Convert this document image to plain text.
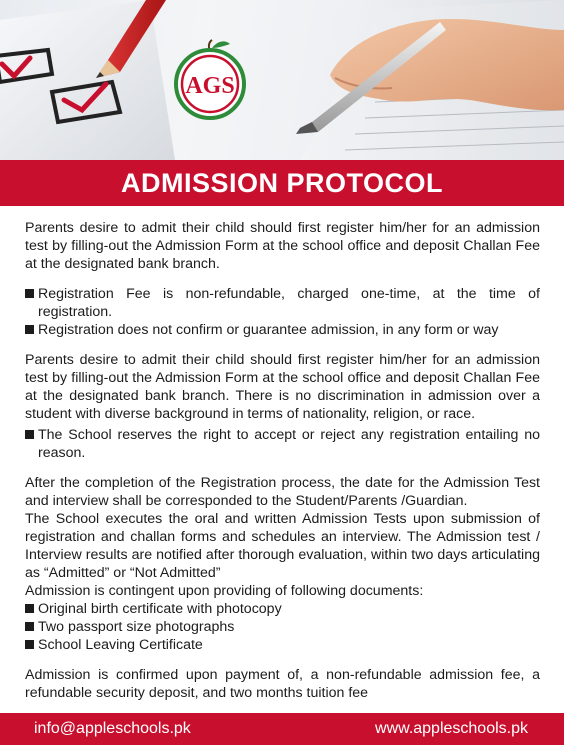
AGS
ADMISSION PROTOCOL

Parents desire to admit their child should first register him/her for an admission test by filling-out the Admission Form at the school office and deposit Challan Fee at the designated bank branch.

Registration Fee is non-refundable, charged one-time, at the time of registration.
Registration does not confirm or guarantee admission, in any form or way

Parents desire to admit their child should first register him/her for an admission test by filling-out the Admission Form at the school office and deposit Challan Fee at the designated bank branch. There is no discrimination in admission over a student with diverse background in terms of nationality, religion, or race.

The School reserves the right to accept or reject any registration entailing no reason.

After the completion of the Registration process, the date for the Admission Test and interview shall be corresponded to the Student/Parents /Guardian.

The School executes the oral and written Admission Tests upon submission of registration and challan forms and schedules an interview. The Admission test / Interview results are notified after thorough evaluation, within two days articulating as “Admitted” or “Not Admitted”

Admission is contingent upon providing of following documents:

Original birth certificate with photocopy
Two passport size photographs
School Leaving Certificate

Admission is confirmed upon payment of, a non-refundable admission fee, a refundable security deposit, and two months tuition fee

info@appleschools.pk	www.appleschools.pk
